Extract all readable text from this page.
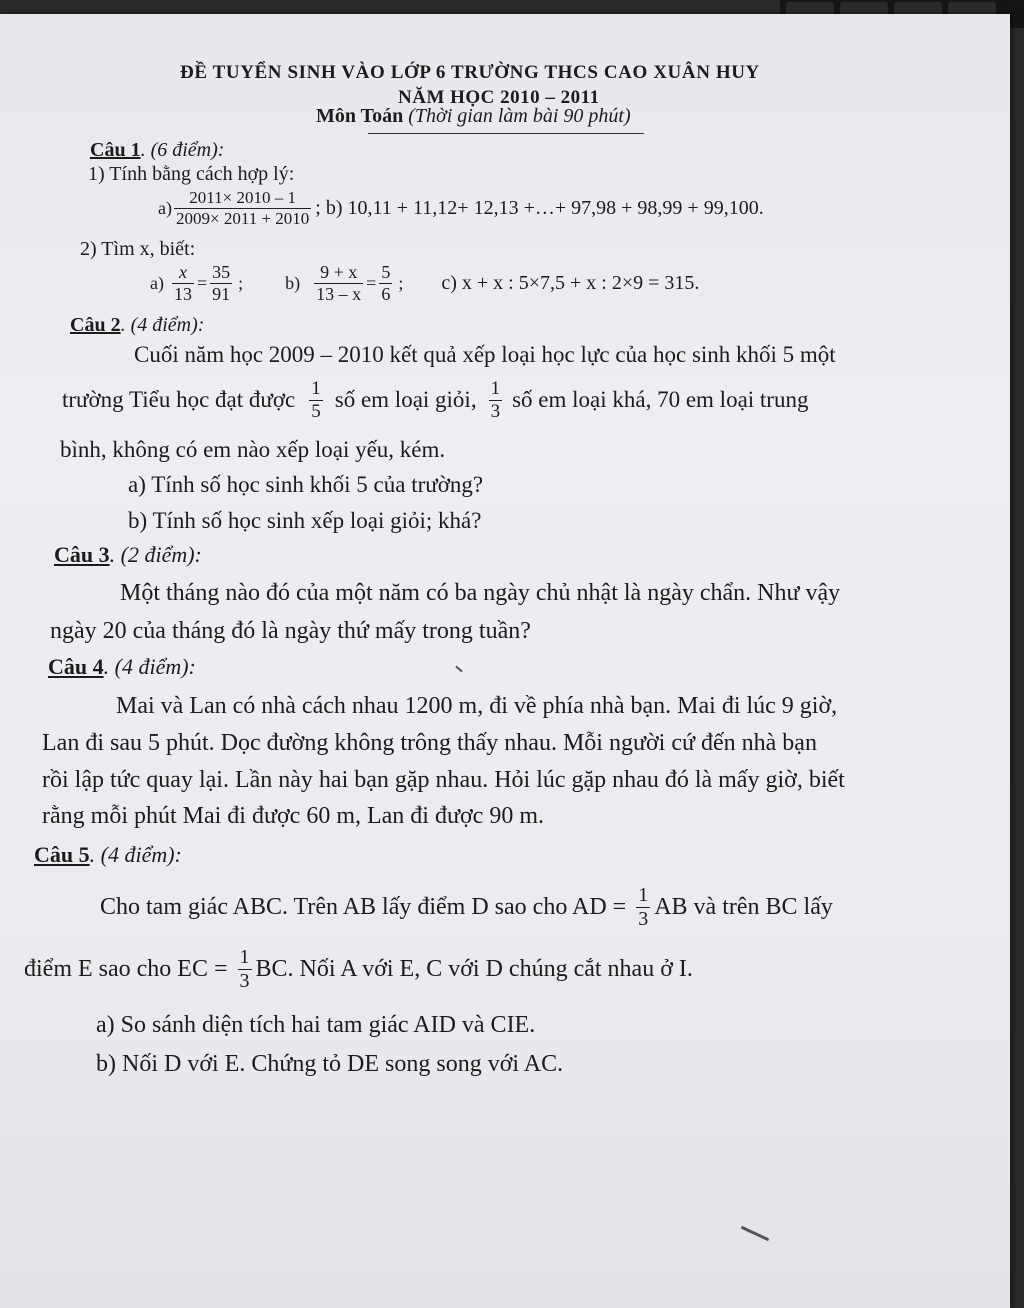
ĐỀ TUYỂN SINH VÀO LỚP 6 TRƯỜNG THCS CAO XUÂN HUY
NĂM HỌC 2010 – 2011
Môn Toán (Thời gian làm bài 90 phút)
Câu 1. (6 điểm):
1) Tính bằng cách hợp lý:
$a) \frac{2011\times 2010 - 1}{2009\times 2011 + 2010}$ ; b) 10,11 + 11,12+ 12,13 +…+ 97,98 + 98,99 + 99,100.
2) Tìm x, biết:
$a) \frac{x}{13} = \frac{35}{91}$ ; $b) \frac{9 + x}{13 - x} = \frac{5}{6}$ ; c) x + x : 5×7,5 + x : 2×9 = 315.
Câu 2. (4 điểm):
Cuối năm học 2009 – 2010 kết quả xếp loại học lực của học sinh khối 5 một
trường Tiểu học đạt được $\frac{1}{5}$ số em loại giỏi, $\frac{1}{3}$ số em loại khá, 70 em loại trung
bình, không có em nào xếp loại yếu, kém.
a) Tính số học sinh khối 5 của trường?
b) Tính số học sinh xếp loại giỏi; khá?
Câu 3. (2 điểm):
Một tháng nào đó của một năm có ba ngày chủ nhật là ngày chẩn. Như vậy
ngày 20 của tháng đó là ngày thứ mấy trong tuần?
Câu 4. (4 điểm):
Mai và Lan có nhà cách nhau 1200 m, đi về phía nhà bạn. Mai đi lúc 9 giờ,
Lan đi sau 5 phút. Dọc đường không trông thấy nhau. Mỗi người cứ đến nhà bạn
rồi lập tức quay lại. Lần này hai bạn gặp nhau. Hỏi lúc gặp nhau đó là mấy giờ, biết
rằng mỗi phút Mai đi được 60 m, Lan đi được 90 m.
Câu 5. (4 điểm):
Cho tam giác ABC. Trên AB lấy điểm D sao cho AD = $\frac{1}{3}$ AB và trên BC lấy
điểm E sao cho EC = $\frac{1}{3}$ BC. Nối A với E, C với D chúng cắt nhau ở I.
a) So sánh diện tích hai tam giác AID và CIE.
b) Nối D với E. Chứng tỏ DE song song với AC.
